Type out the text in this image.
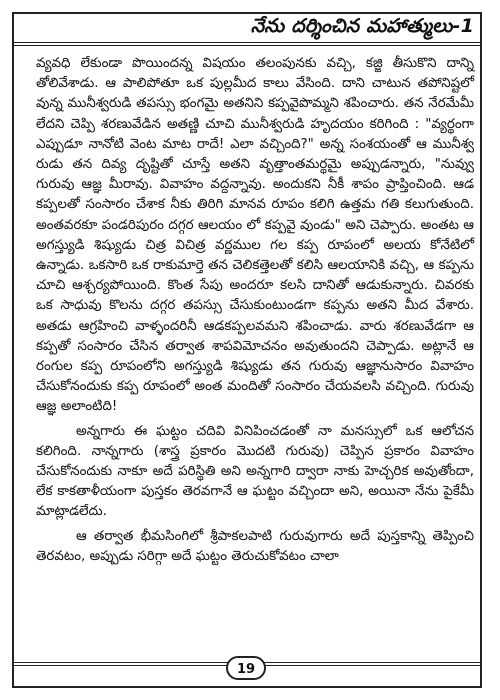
నేను దర్శించిన మహాత్ములు-1

వ్యవధి లేకుండా పొయిందన్న విషయం తలంపునకు వచ్చి, కజ్జి తీసుకొని దాన్ని తోలివేశాడు. ఆ పాలిపోతూ ఒక పుల్లమీద కాలు వేసింది. దాని చాటున తపోనిష్టలో వున్న మునీశ్వరుడి తపస్సు భంగమై అతనిని కప్పవైపొమ్మని శపించారు. తన నేరమేమీ లేదని చెప్పి శరణువేడిన అతణ్ణి చూచి మునీశ్వరుడి హృదయం కరిగింది : "వ్యర్థంగా ఎప్పుడూ నానోటి వెంట మాట రాదే! ఎలా వచ్చింది?" అన్న సంశయంతో ఆ మునీశ్వ రుడు తన దివ్య దృష్టితో చూస్తే అతని వృత్తాంతమర్థమై అప్పుడన్నారు, "నువ్వు గురువు ఆజ్ఞ మీరావు. వివాహం వద్దన్నావు. అందుకని నీకీ శాపం ప్రాప్తించింది. ఆడ కప్పలతో సంసారం చేశాక నీకు తిరిగి మానవ రూపం కలిగి ఉత్తమ గతి కలుగుతుంది. అంతవరకూ పండరిపురం దగ్గర ఆలయం లో కప్పవై వుండు" అని చెప్పారు. అంతట ఆ అగస్త్యుడి శిష్యుడు చిత్ర విచిత్ర వర్ణముల గల కప్ప రూపంలో అలయ కోనేటిలో ఉన్నాడు. ఒకసారి ఒక రాకుమార్తె తన చెలికత్తెలతో కలిసి ఆలయానికి వచ్చి, ఆ కప్పను చూచి ఆశ్చర్యపోయింది. కొంత సేపు అందరూ కలసి దానితో ఆడుకున్నారు. చివరకు ఒక సాధువు కొలను దగ్గర తపస్సు చేసుకుంటుండగా కప్పను అతని మీద వేశారు. అతడు ఆగ్రహించి వాళ్ళందరినీ ఆడకప్పలవమని శపించాడు. వారు శరణువేడగా ఆ కప్పతో సంసారం చేసిన తర్వాత శాపవిమోచనం అవుతుందని చెప్పాడు. అట్లానే ఆ రంగుల కప్ప రూపంలోని అగస్త్యుడి శిష్యుడు తన గురువు ఆజ్ఞానుసారం వివాహం చేసుకోనందుకు కప్ప రూపంలో అంత మందితో సంసారం చేయవలసి వచ్చింది. గురువు ఆజ్ఞ అలాంటిది!

అన్నగారు ఈ ఘట్టం చదివి వినిపించడంతో నా మనస్సులో ఒక ఆలోచన కలిగింది. నాన్నగారు (శాస్త్ర ప్రకారం మొదటి గురువు) చెప్పిన ప్రకారం వివాహం చేసుకోనందుకు నాకూ అదే పరిస్థితి అని అన్నగారి ద్వారా నాకు హెచ్చరిక అవుతోందా, లేక కాకతాళీయంగా పుస్తకం తెరవగానే ఆ ఘట్టం వచ్చిందా అని, అయినా నేను పైకేమీ మాట్లాడలేదు.

ఆ తర్వాత భీమసింగిలో శ్రీపాకలపాటి గురువుగారు అదే పుస్తకాన్ని తెప్పించి తెరవటం, అప్పుడు సరిగ్గా అదే ఘట్టం తెరుచుకోవటం చాలా

19
